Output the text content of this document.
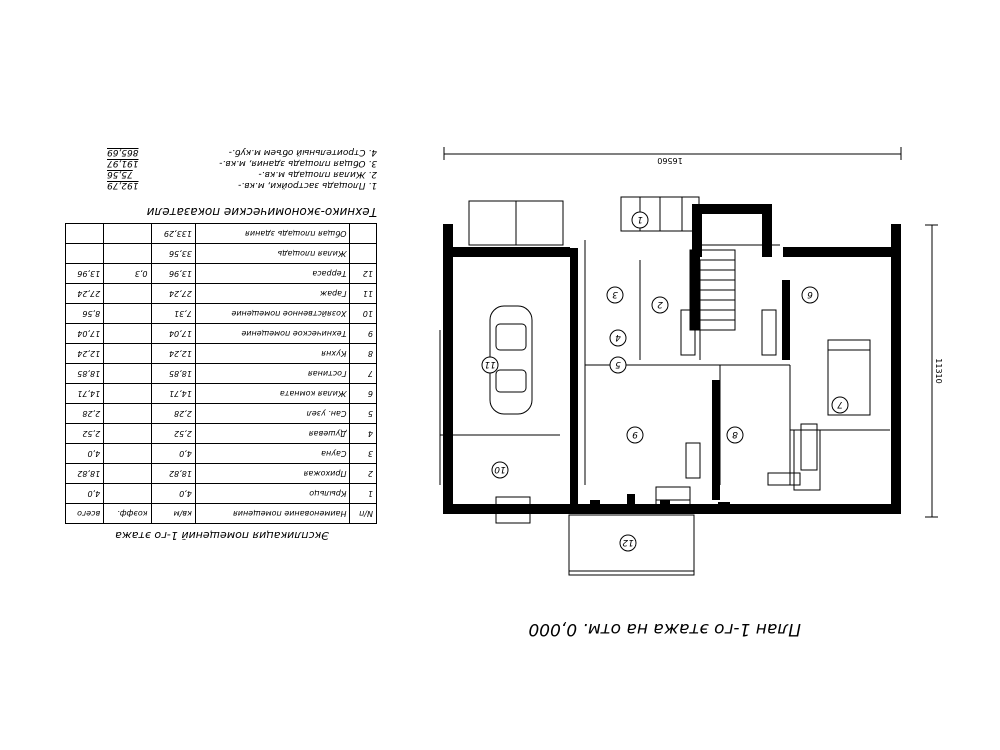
Экспликация помещений 1-го этажа
N/п	Наименование помещения	кв/м	коэфф.	всего
1	Крыльцо	4,0		4,0
2	Прихожая	18,82		18,82
3	Сауна	4,0		4,0
4	Душевая	2,52		2,52
5	Сан. узел	2,28		2,28
6	Жилая комната	14,71		14,71
7	Гостиная	18,85		18,85
8	Кухня	12,24		12,24
9	Техническое помещение	17,04		17,04
10	Хозяйственное помещение	7,31		8,56
11	Гараж	27,24		27,24
12	Терраса	13,96	0,3	13,96
	Жилая площадь	33,56		
	Общая площадь здания	133,29		
Технико-экономические показатели
1. Площадь застройки, м.кв.-
192,79
2. Жилая площадь м.кв.-
75,56
3. Общая площадь здания, м.кв.-
191,97
4. Строительный объем м.куб.-
865,69
План 1-го этажа на отм. 0,000
1
2
3
4
5
6
7
8
9
10
11
12
16560
11310
